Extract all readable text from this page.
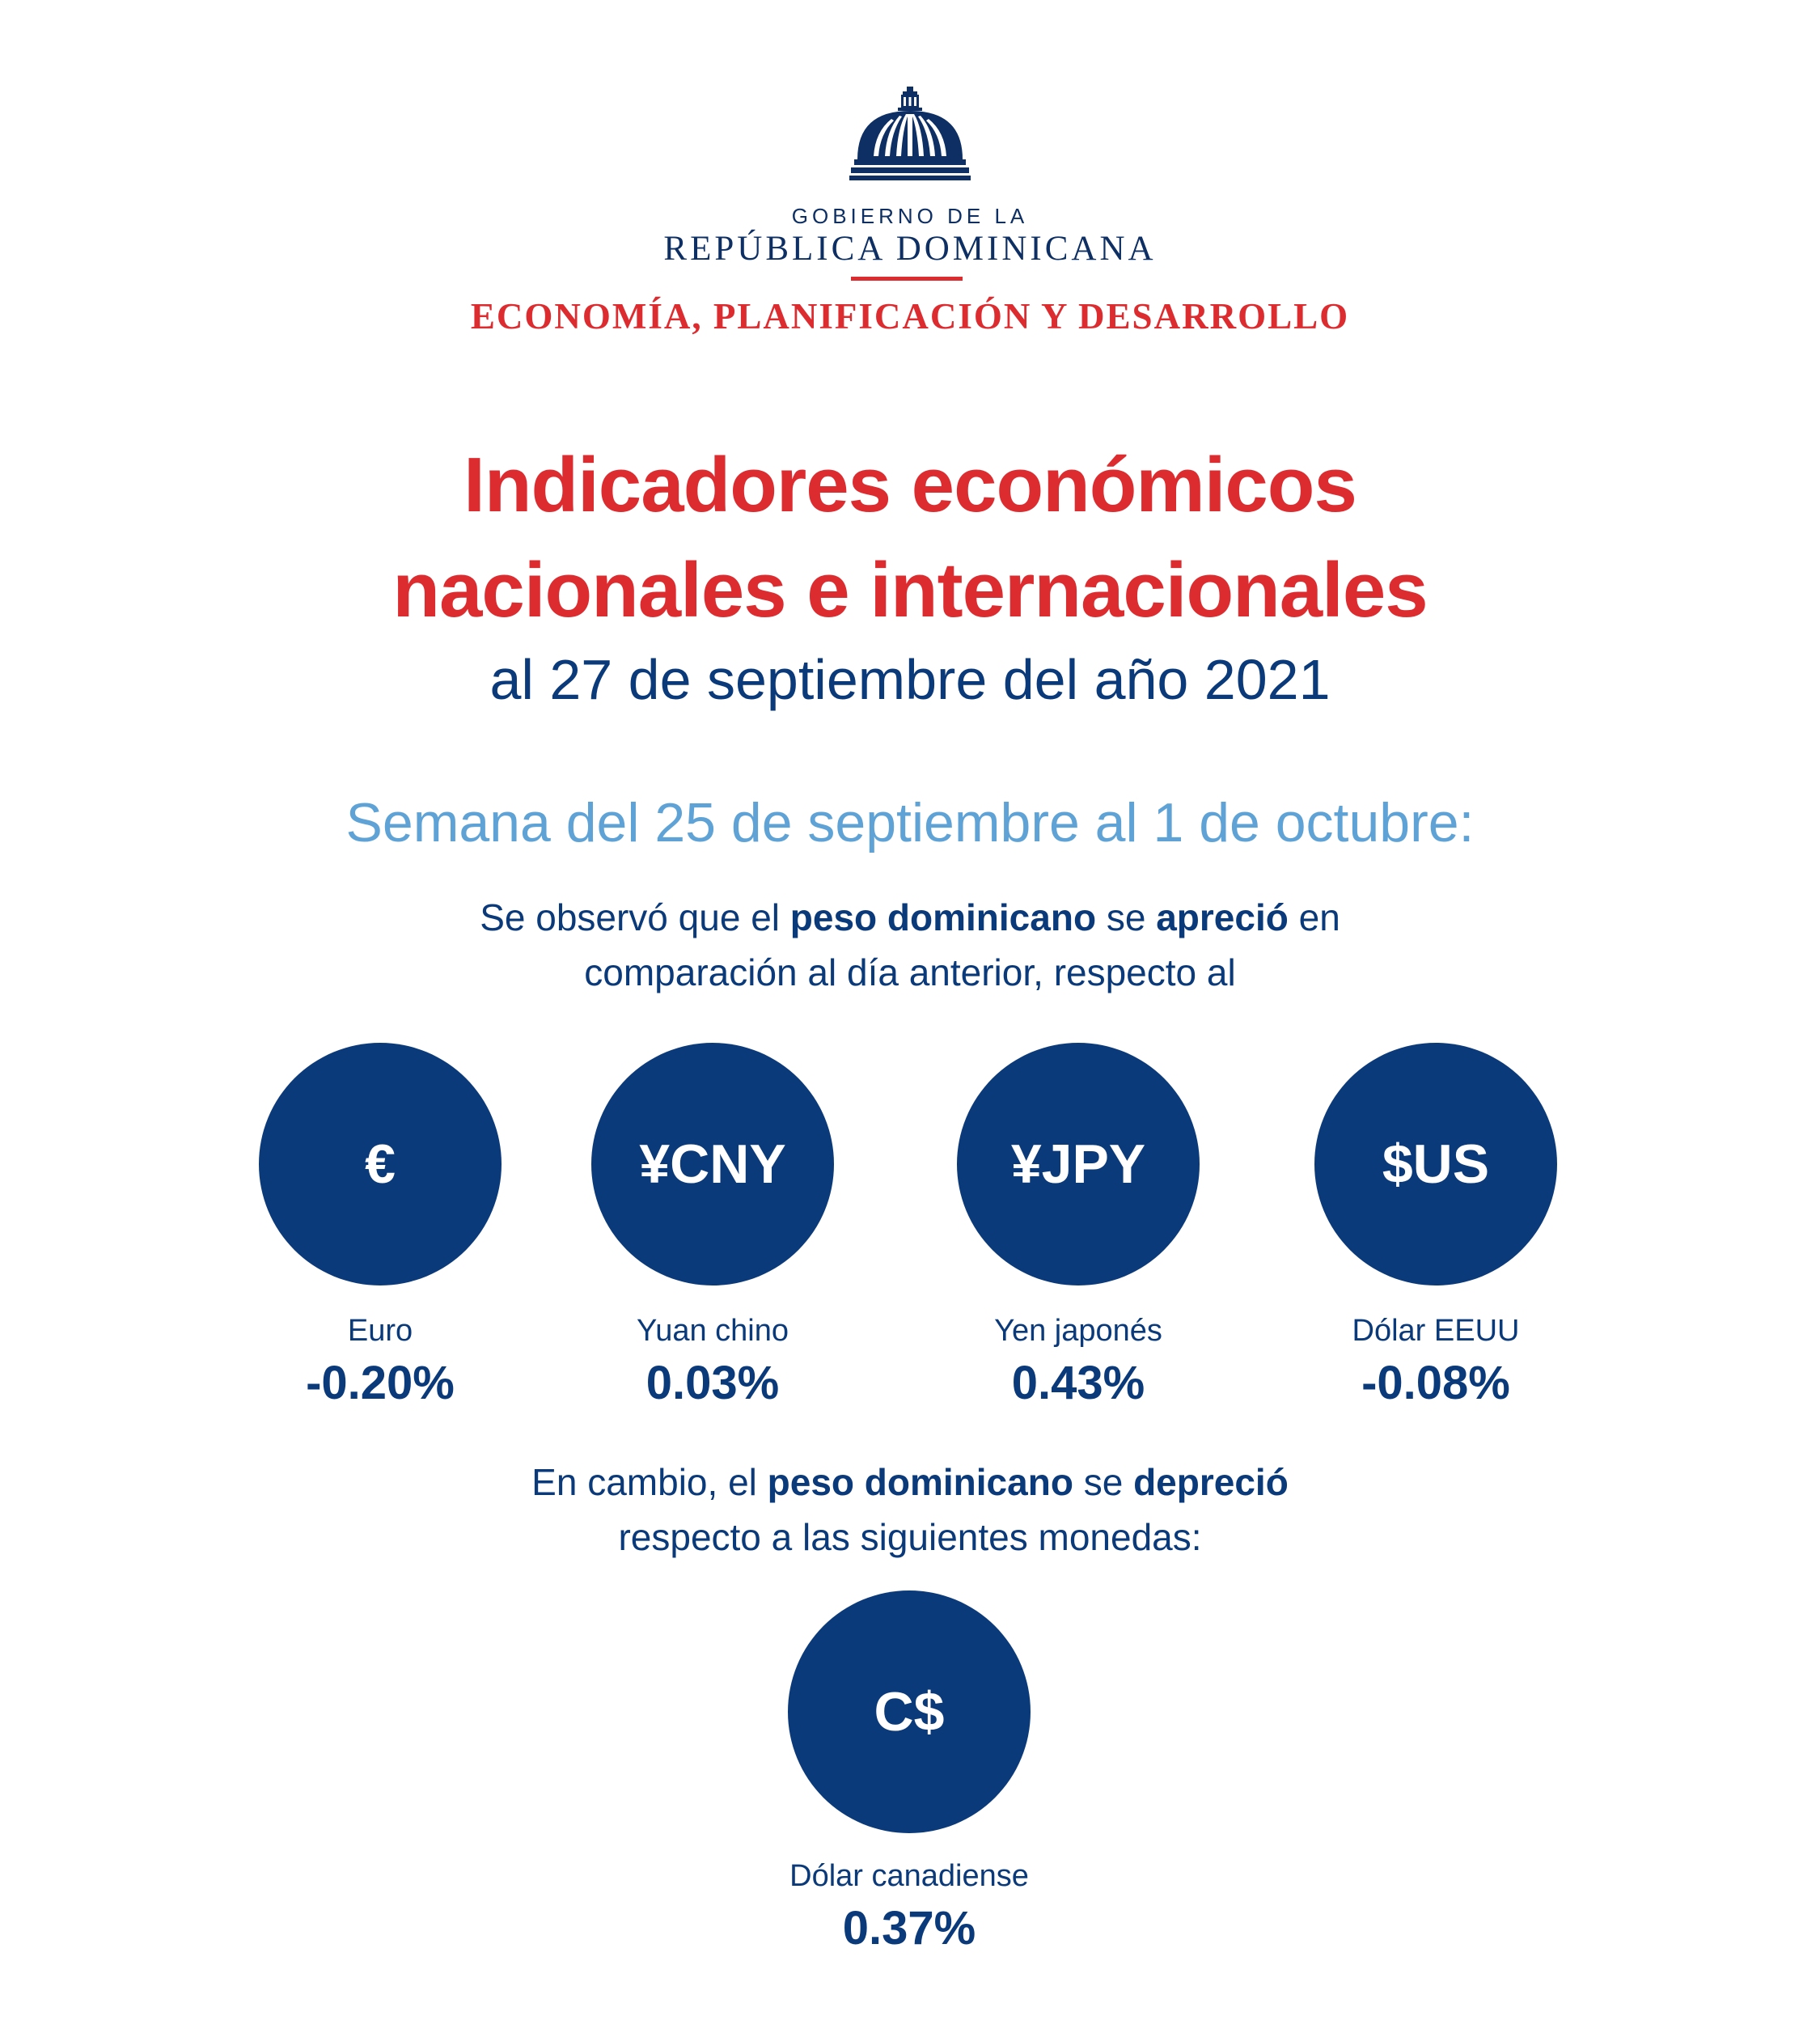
GOBIERNO DE LA
REPÚBLICA DOMINICANA
ECONOMÍA, PLANIFICACIÓN Y DESARROLLO
Indicadores económicos
nacionales e internacionales
al 27 de septiembre del año 2021
Semana del 25 de septiembre al 1 de octubre:
Se observó que el peso dominicano se apreció en
comparación al día anterior, respecto al
€	¥CNY	¥JPY	$US
Euro
-0.20%
Yuan chino
0.03%
Yen japonés
0.43%
Dólar EEUU
-0.08%
En cambio, el peso dominicano se depreció
respecto a las siguientes monedas:
C$
Dólar canadiense
0.37%
